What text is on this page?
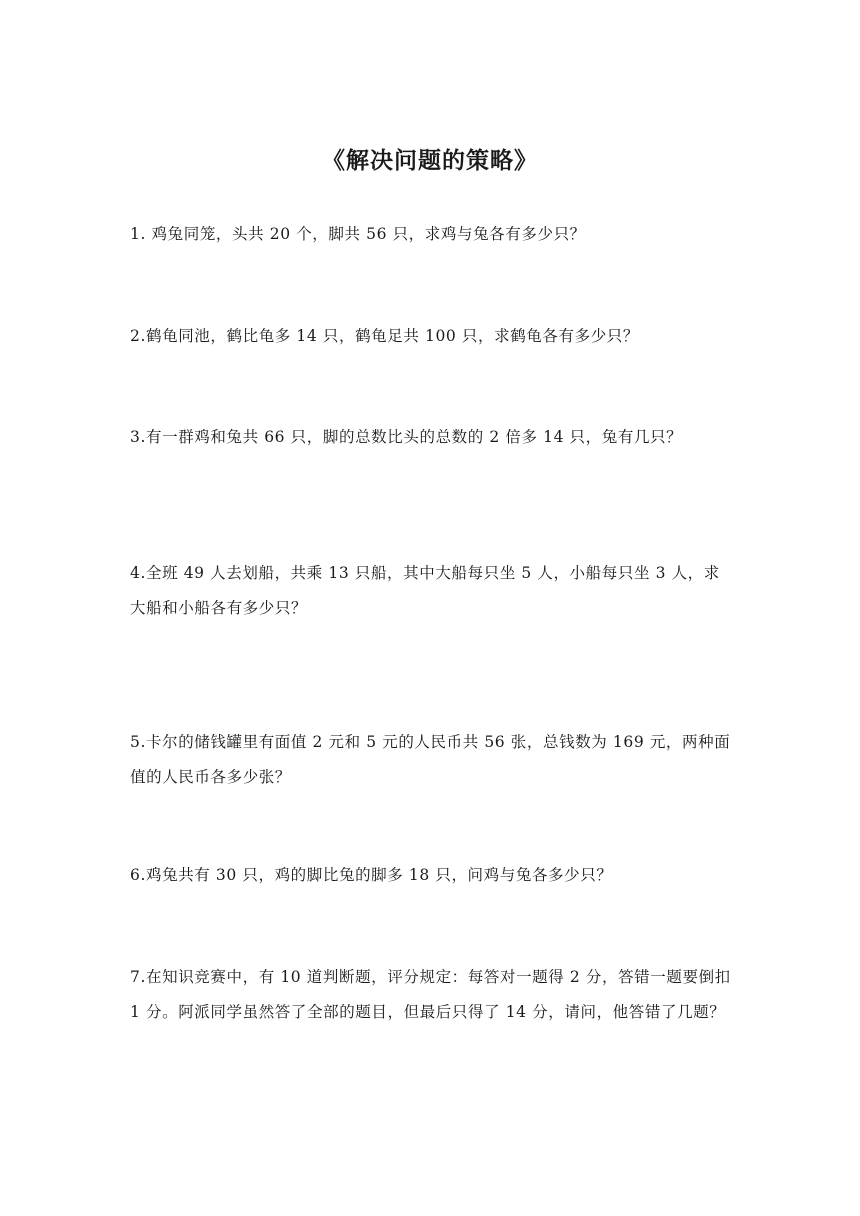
《解决问题的策略》

1. 鸡兔同笼，头共 20 个，脚共 56 只，求鸡与兔各有多少只？

2.鹤龟同池，鹤比龟多 14 只，鹤龟足共 100 只，求鹤龟各有多少只？

3.有一群鸡和兔共 66 只，脚的总数比头的总数的 2 倍多 14 只，兔有几只？

4.全班 49 人去划船，共乘 13 只船，其中大船每只坐 5 人，小船每只坐 3 人，求大船和小船各有多少只？

5.卡尔的储钱罐里有面值 2 元和 5 元的人民币共 56 张，总钱数为 169 元，两种面值的人民币各多少张？

6.鸡兔共有 30 只，鸡的脚比兔的脚多 18 只，问鸡与兔各多少只？

7.在知识竞赛中，有 10 道判断题，评分规定：每答对一题得 2 分，答错一题要倒扣 1 分。阿派同学虽然答了全部的题目，但最后只得了 14 分，请问，他答错了几题？
